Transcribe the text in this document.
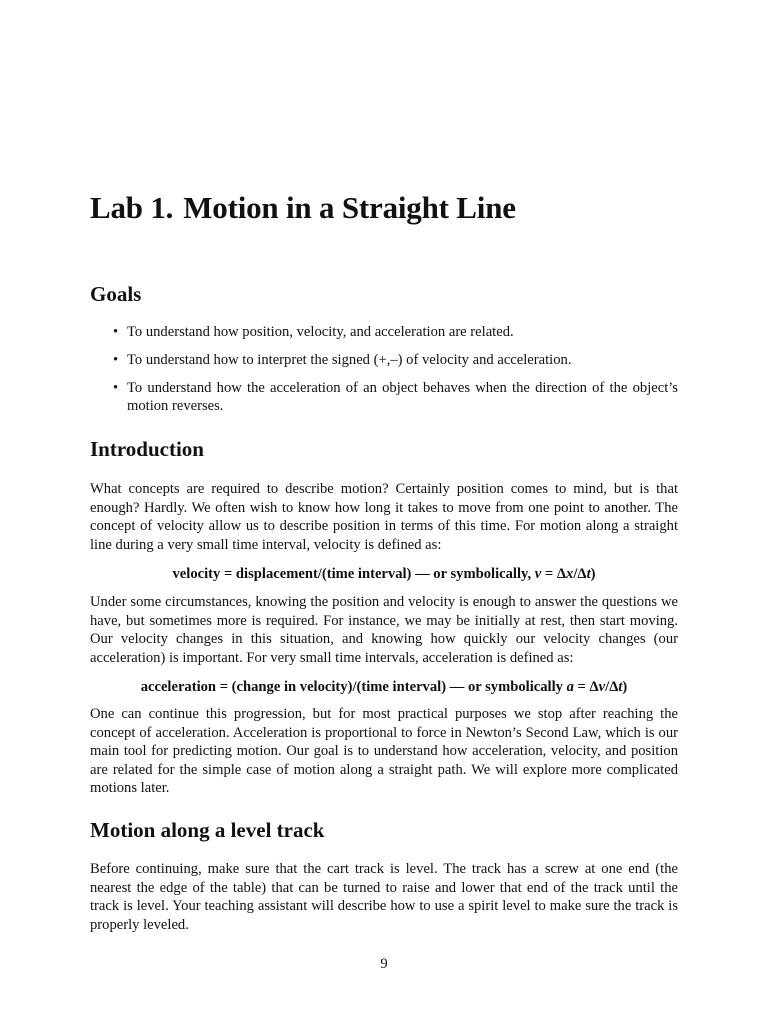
Lab 1. Motion in a Straight Line
Goals
• To understand how position, velocity, and acceleration are related.
• To understand how to interpret the signed (+,–) of velocity and acceleration.
• To understand how the acceleration of an object behaves when the direction of the object’s motion reverses.
Introduction

What concepts are required to describe motion? Certainly position comes to mind, but is that enough? Hardly. We often wish to know how long it takes to move from one point to another. The concept of velocity allow us to describe position in terms of this time. For motion along a straight line during a very small time interval, velocity is defined as:

velocity = displacement/(time interval) — or symbolically, v = Δx/Δt)

Under some circumstances, knowing the position and velocity is enough to answer the questions we have, but sometimes more is required. For instance, we may be initially at rest, then start moving. Our velocity changes in this situation, and knowing how quickly our velocity changes (our acceleration) is important. For very small time intervals, acceleration is defined as:

acceleration = (change in velocity)/(time interval) — or symbolically a = Δv/Δt)

One can continue this progression, but for most practical purposes we stop after reaching the concept of acceleration. Acceleration is proportional to force in Newton’s Second Law, which is our main tool for predicting motion. Our goal is to understand how acceleration, velocity, and position are related for the simple case of motion along a straight path. We will explore more complicated motions later.

Motion along a level track

Before continuing, make sure that the cart track is level. The track has a screw at one end (the nearest the edge of the table) that can be turned to raise and lower that end of the track until the track is level. Your teaching assistant will describe how to use a spirit level to make sure the track is properly leveled.

9
